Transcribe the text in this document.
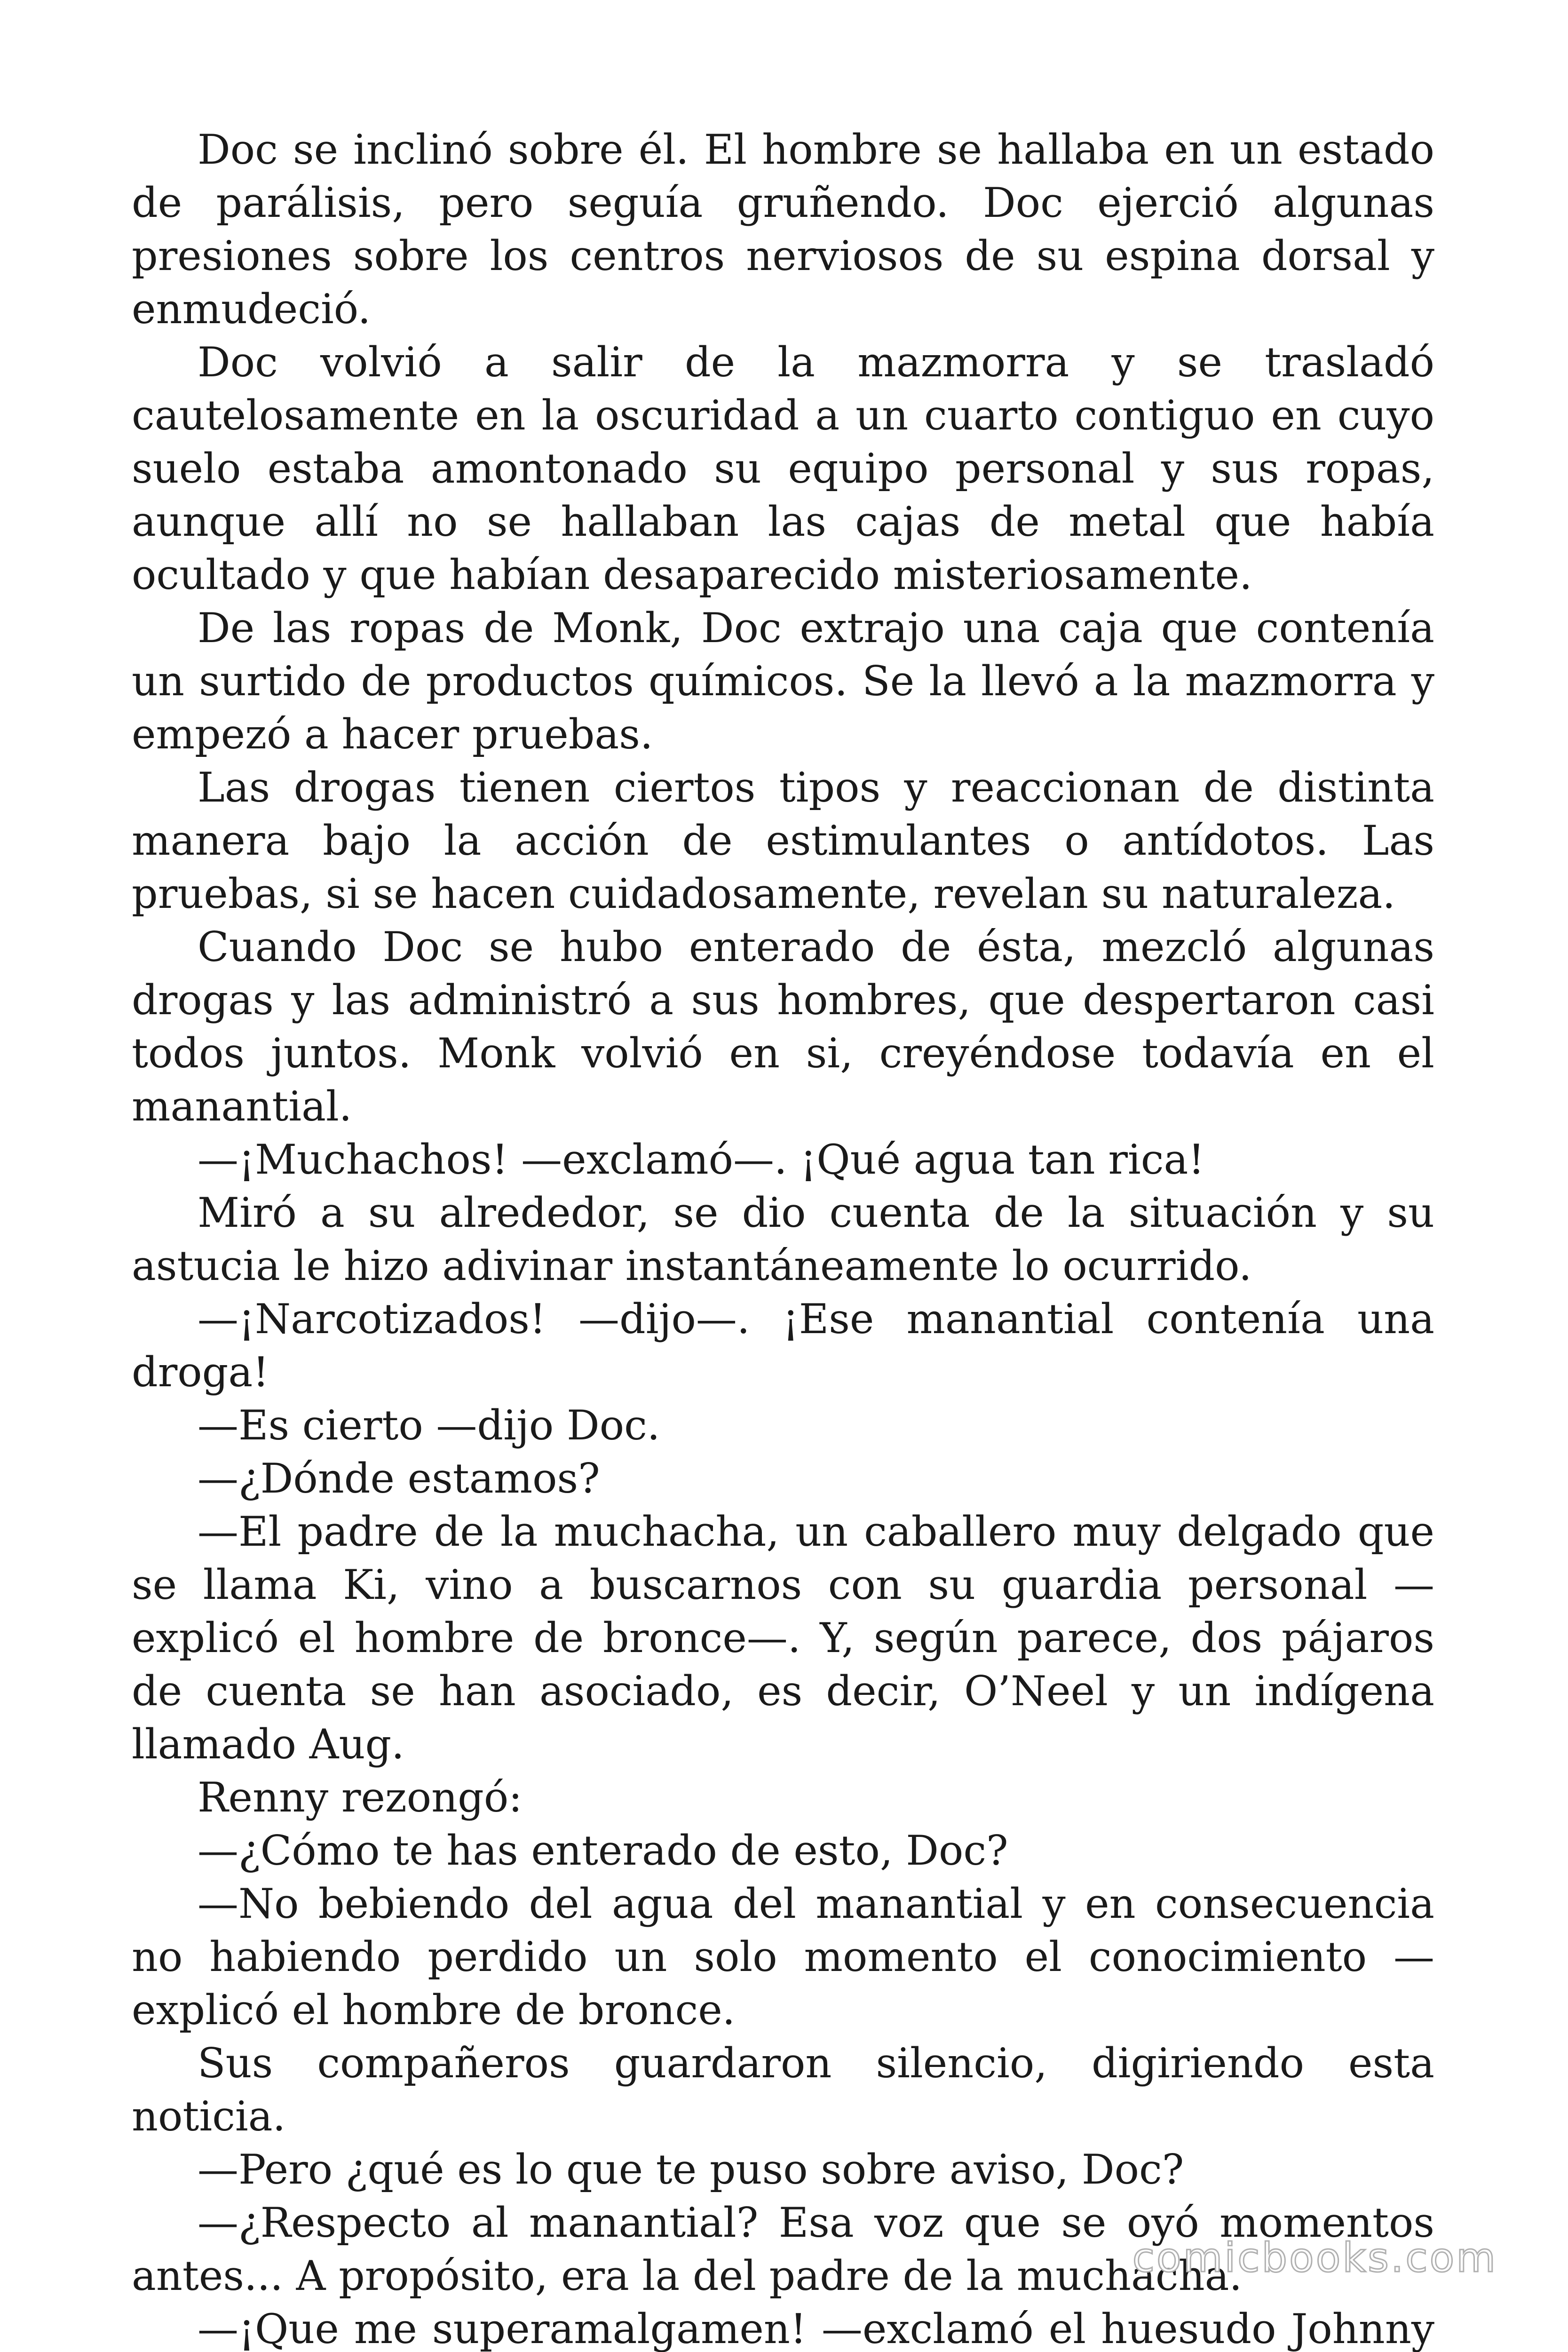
Doc se inclinó sobre él. El hombre se hallaba en un estado de parálisis, pero seguía gruñendo. Doc ejerció algunas presiones sobre los centros nerviosos de su espina dorsal y enmudeció.

Doc volvió a salir de la mazmorra y se trasladó cautelosamente en la oscuridad a un cuarto contiguo en cuyo suelo estaba amontonado su equipo personal y sus ropas, aunque allí no se hallaban las cajas de metal que había ocultado y que habían desaparecido misteriosamente.

De las ropas de Monk, Doc extrajo una caja que contenía un surtido de productos químicos. Se la llevó a la mazmorra y empezó a hacer pruebas.

Las drogas tienen ciertos tipos y reaccionan de distinta manera bajo la acción de estimulantes o antídotos. Las pruebas, si se hacen cuidadosamente, revelan su naturaleza.

Cuando Doc se hubo enterado de ésta, mezcló algunas drogas y las administró a sus hombres, que despertaron casi todos juntos. Monk volvió en si, creyéndose todavía en el manantial.

—¡Muchachos! —exclamó—. ¡Qué agua tan rica!

Miró a su alrededor, se dio cuenta de la situación y su astucia le hizo adivinar instantáneamente lo ocurrido.

—¡Narcotizados! —dijo—. ¡Ese manantial contenía una droga!

—Es cierto —dijo Doc.

—¿Dónde estamos?

—El padre de la muchacha, un caballero muy delgado que se llama Ki, vino a buscarnos con su guardia personal —explicó el hombre de bronce—. Y, según parece, dos pájaros de cuenta se han asociado, es decir, O’Neel y un indígena llamado Aug.

Renny rezongó:

—¿Cómo te has enterado de esto, Doc?

—No bebiendo del agua del manantial y en consecuencia no habiendo perdido un solo momento el conocimiento —explicó el hombre de bronce.

Sus compañeros guardaron silencio, digiriendo esta noticia.

—Pero ¿qué es lo que te puso sobre aviso, Doc?

—¿Respecto al manantial? Esa voz que se oyó momentos antes... A propósito, era la del padre de la muchacha.

—¡Que me superamalgamen! —exclamó el huesudo Johnny

comicbooks.com
